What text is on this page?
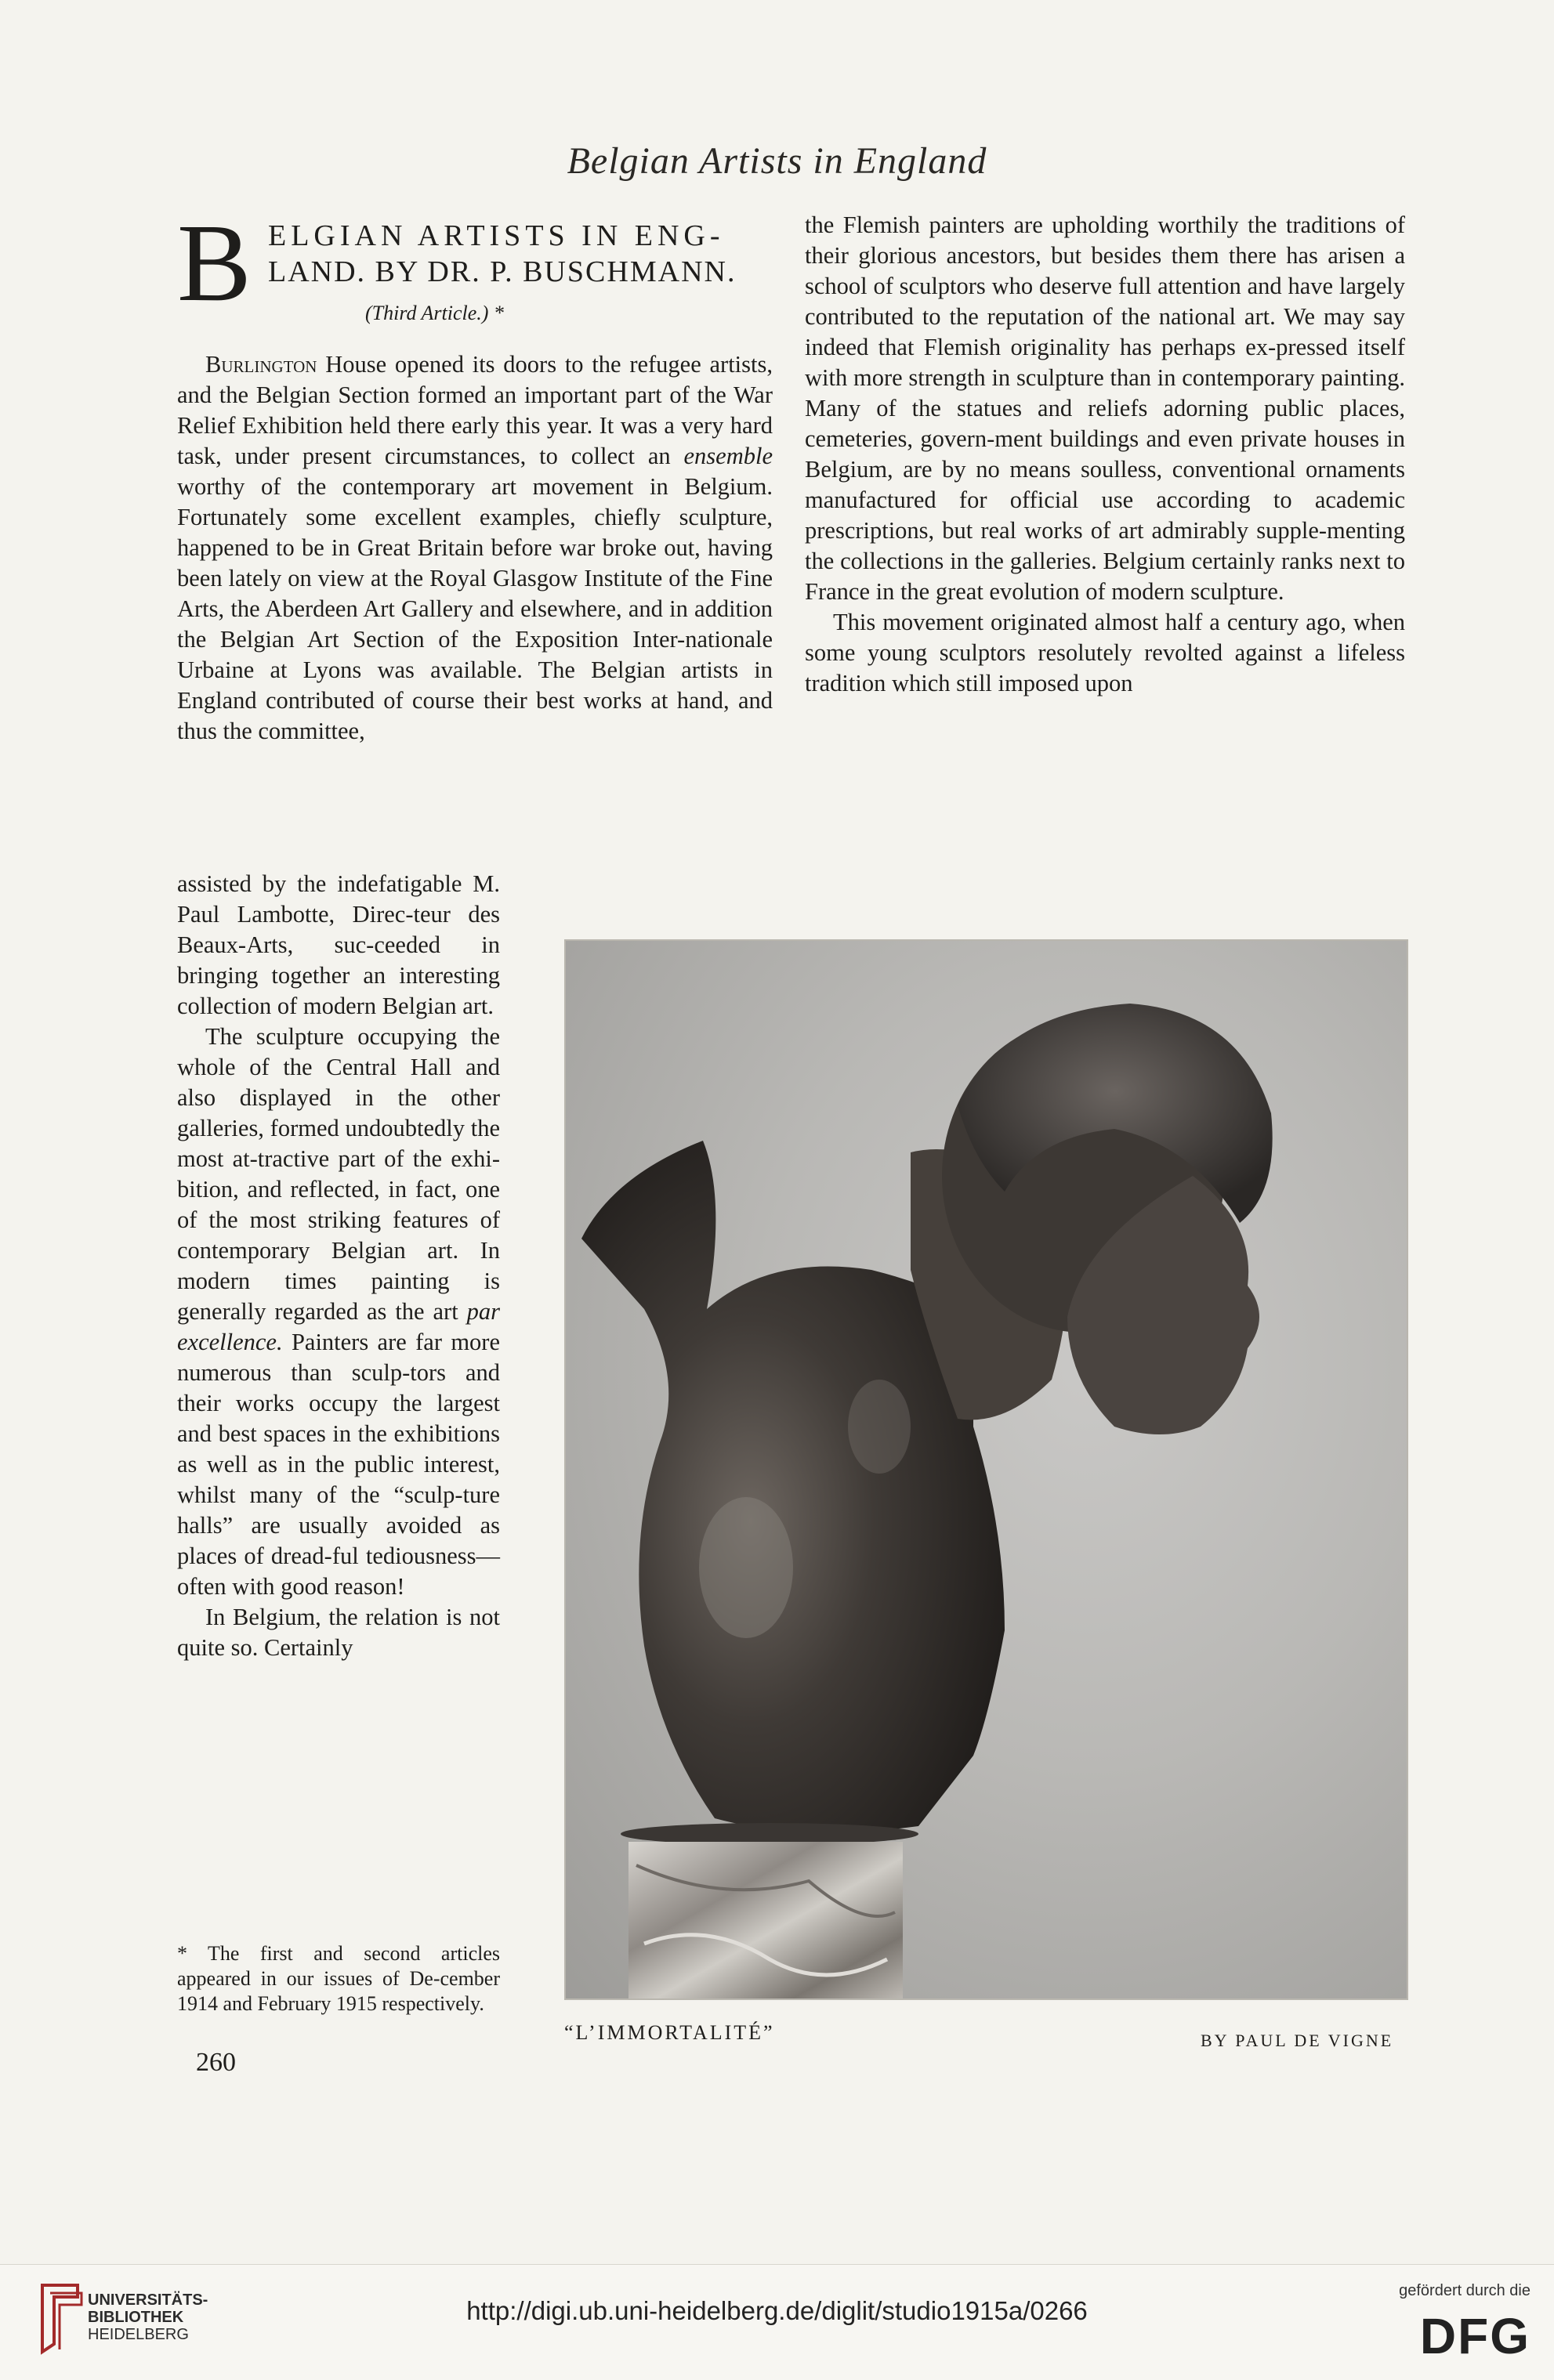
Belgian Artists in England
B ELGIAN ARTISTS IN ENG-
LAND. BY DR. P. BUSCHMANN.
(Third Article.) *

Burlington House opened its doors to the refugee artists, and the Belgian Section formed an important part of the War Relief Exhibition held there early this year. It was a very hard task, under present circumstances, to collect an ensemble worthy of the contemporary art movement in Belgium. Fortunately some excellent examples, chiefly sculpture, happened to be in Great Britain before war broke out, having been lately on view at the Royal Glasgow Institute of the Fine Arts, the Aberdeen Art Gallery and elsewhere, and in addition the Belgian Art Section of the Exposition Inter-nationale Urbaine at Lyons was available. The Belgian artists in England contributed of course their best works at hand, and thus the committee,

assisted by the indefatigable M. Paul Lambotte, Direc-teur des Beaux-Arts, suc-ceeded in bringing together an interesting collection of modern Belgian art.

The sculpture occupying the whole of the Central Hall and also displayed in the other galleries, formed undoubtedly the most at-tractive part of the exhi-bition, and reflected, in fact, one of the most striking features of contemporary Belgian art. In modern times painting is generally regarded as the art par excellence. Painters are far more numerous than sculp-tors and their works occupy the largest and best spaces in the exhibitions as well as in the public interest, whilst many of the “sculp-ture halls” are usually avoided as places of dread-ful tediousness—often with good reason!

In Belgium, the relation is not quite so. Certainly

the Flemish painters are upholding worthily the traditions of their glorious ancestors, but besides them there has arisen a school of sculptors who deserve full attention and have largely contributed to the reputation of the national art. We may say indeed that Flemish originality has perhaps ex-pressed itself with more strength in sculpture than in contemporary painting. Many of the statues and reliefs adorning public places, cemeteries, govern-ment buildings and even private houses in Belgium, are by no means soulless, conventional ornaments manufactured for official use according to academic prescriptions, but real works of art admirably supple-menting the collections in the galleries. Belgium certainly ranks next to France in the great evolution of modern sculpture.

This movement originated almost half a century ago, when some young sculptors resolutely revolted against a lifeless tradition which still imposed upon

“L’IMMORTALITÉ”	BY PAUL DE VIGNE
* The first and second articles appeared in our issues of De-cember 1914 and February 1915 respectively.
260
UNIVERSITÄTS-
BIBLIOTHEK
HEIDELBERG
http://digi.ub.uni-heidelberg.de/diglit/studio1915a/0266
gefördert durch die
DFG
